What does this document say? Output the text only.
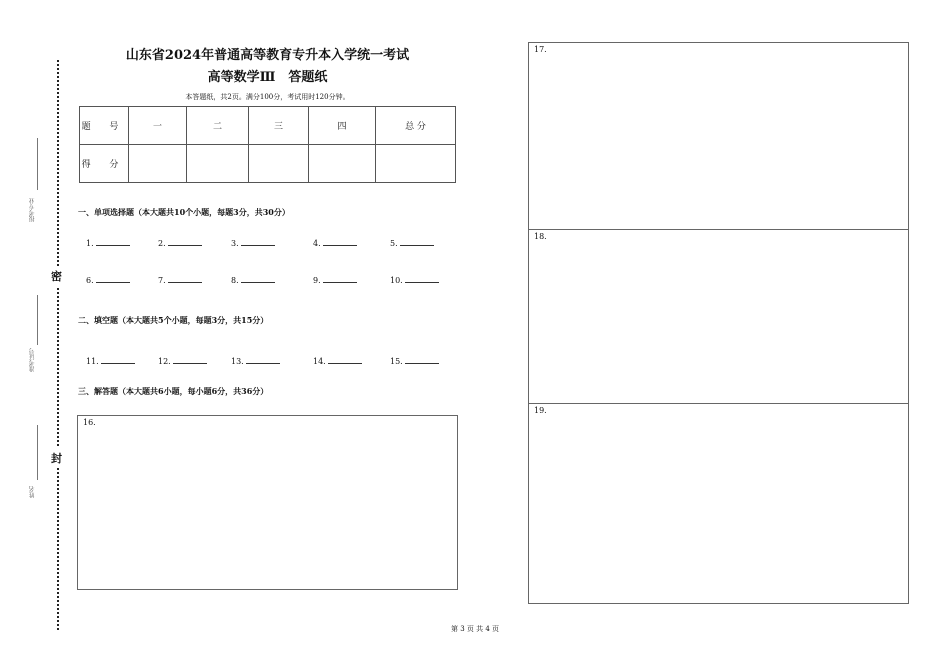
报考专业
准考证号
姓名
密
封
山东省2024年普通高等教育专升本入学统一考试
高等数学Ⅲ　答题纸
本答题纸，共2页。满分100分，考试用时120分钟。
题 号	一	二	三	四	总 分
得 分					
一、单项选择题（本大题共10个小题，每题3分，共30分）
1.	2.	3.	4.	5.
6.	7.	8.	9.	10.
二、填空题（本大题共5个小题，每题3分，共15分）
11.	12.	13.	14.	15.
三、解答题（本大题共6小题，每小题6分，共36分）
16.
17.
18.
19.
第 3 页 共 4 页
